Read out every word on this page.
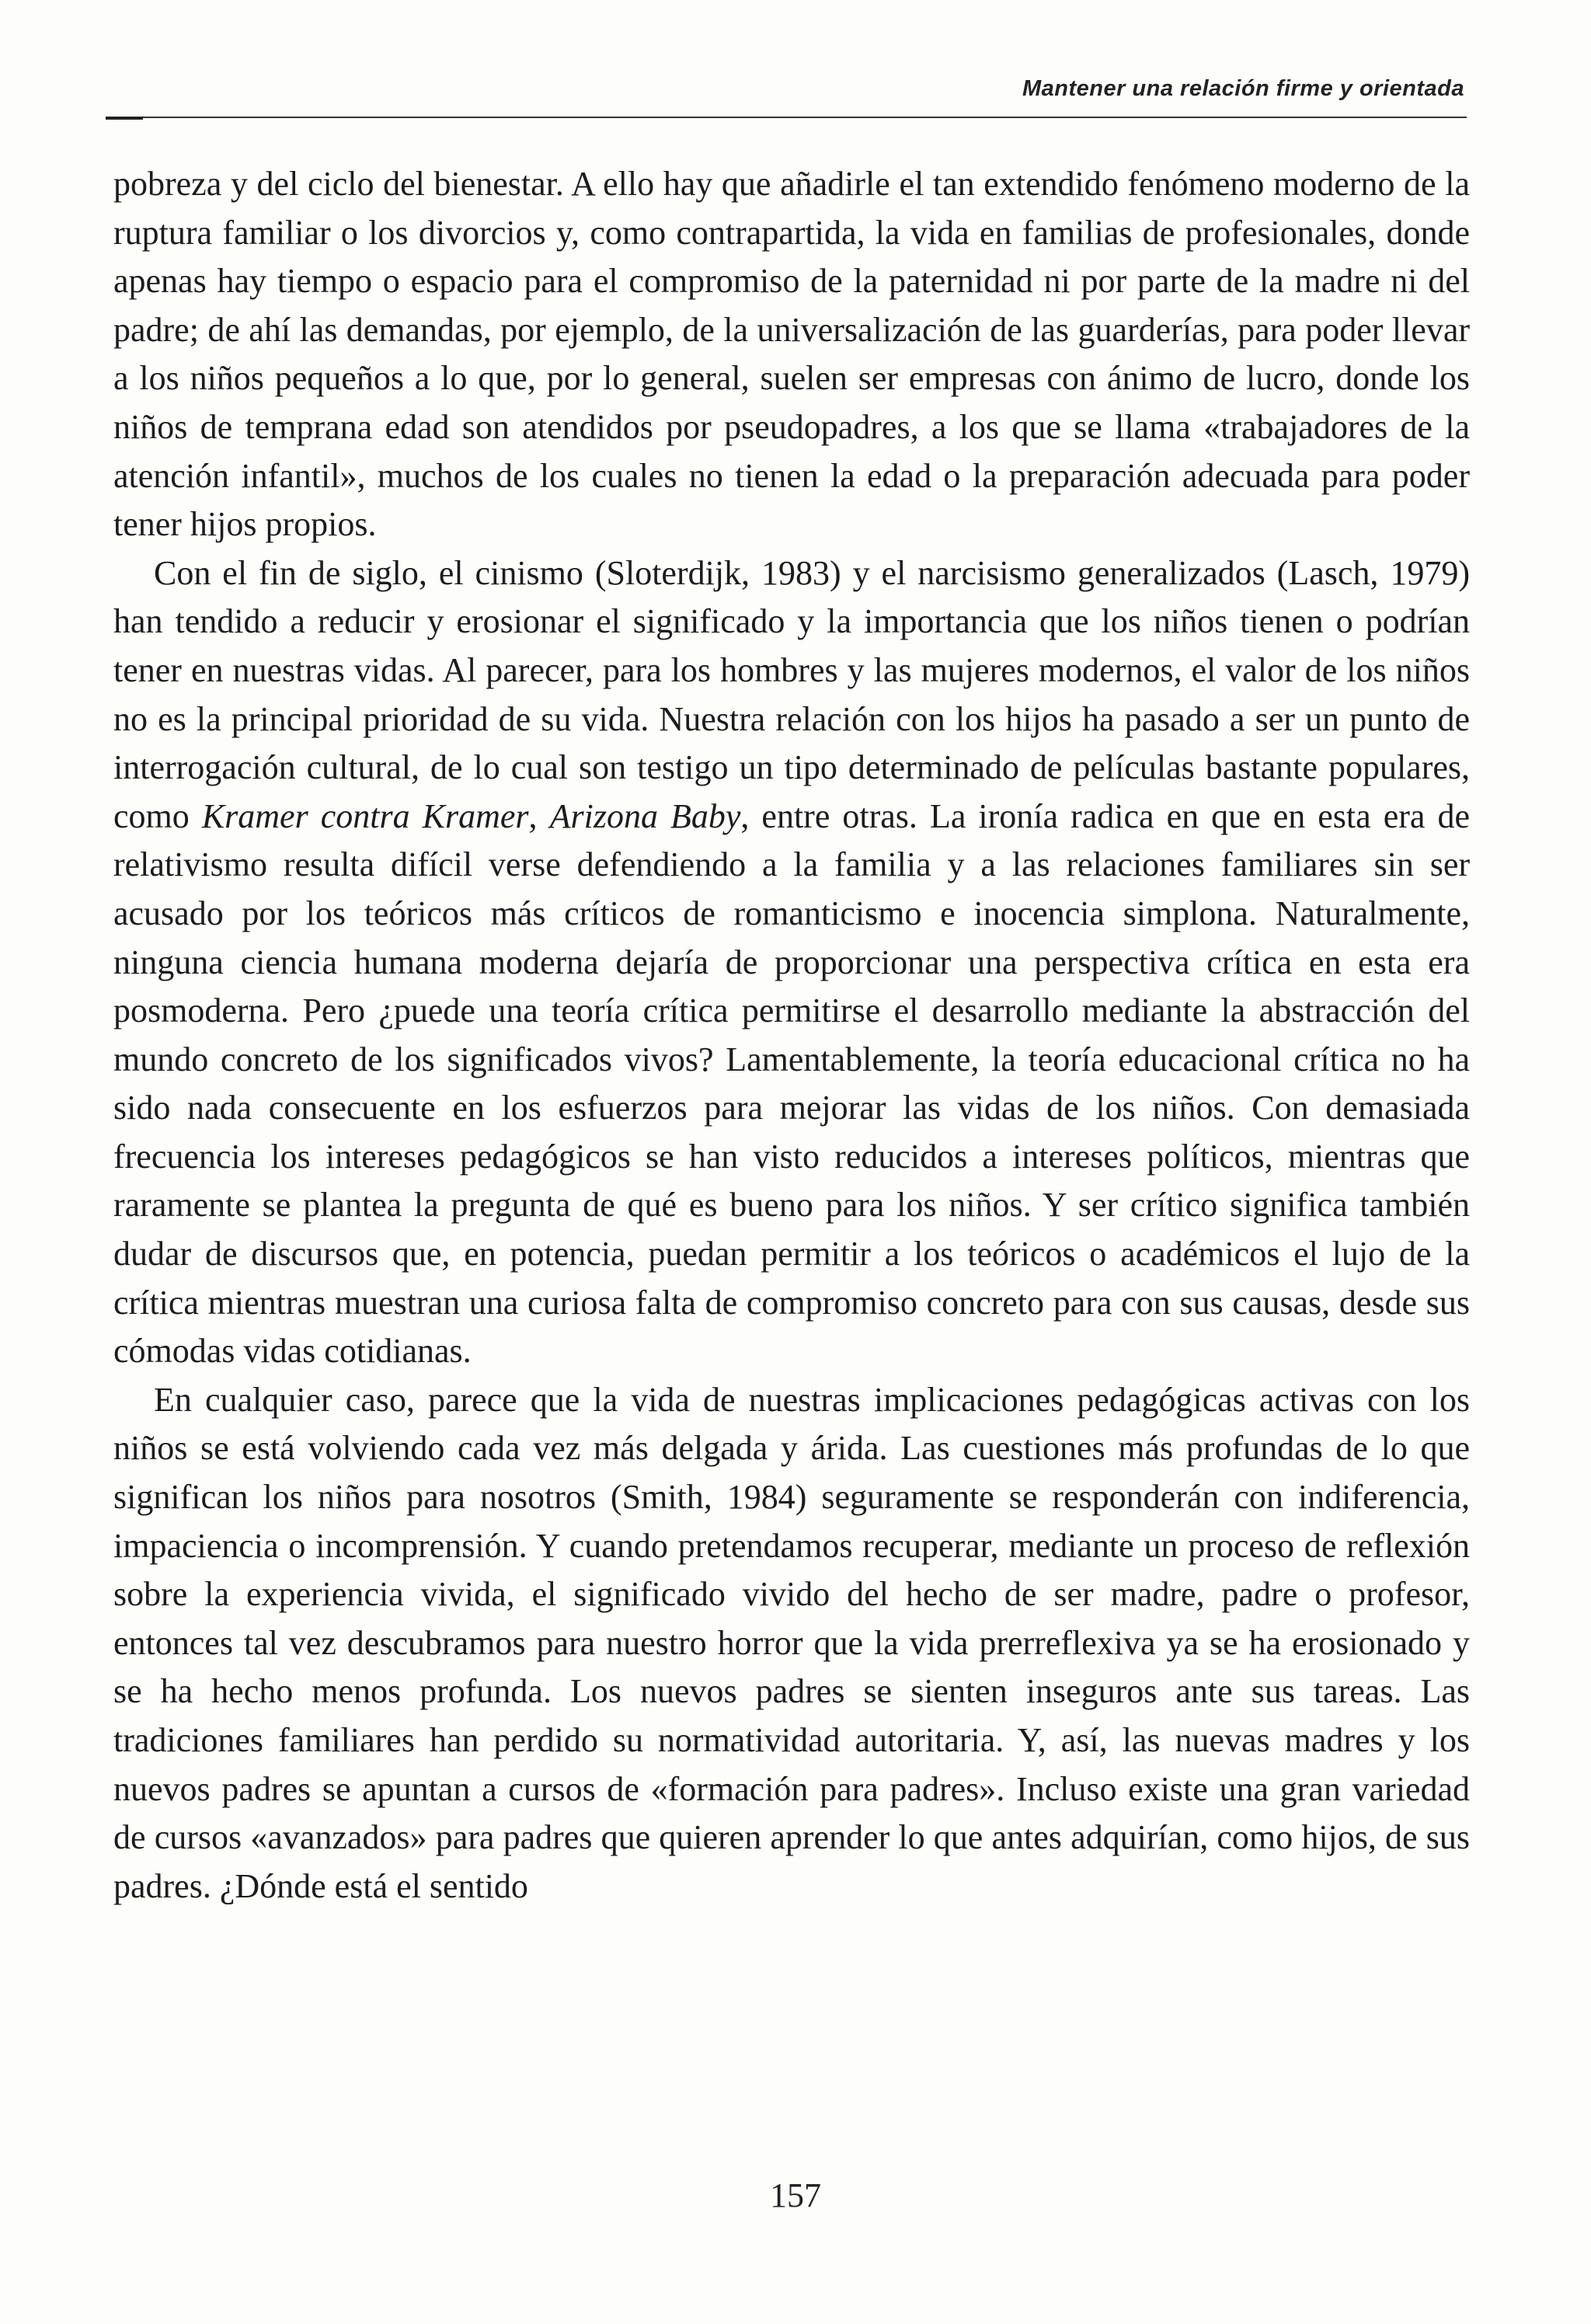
Mantener una relación firme y orientada

pobreza y del ciclo del bienestar. A ello hay que añadirle el tan extendido fenómeno moderno de la ruptura familiar o los divorcios y, como contrapartida, la vida en familias de profesionales, donde apenas hay tiempo o espacio para el compromiso de la paternidad ni por parte de la madre ni del padre; de ahí las demandas, por ejemplo, de la universalización de las guarderías, para poder llevar a los niños pequeños a lo que, por lo general, suelen ser empresas con ánimo de lucro, donde los niños de temprana edad son atendidos por pseudopadres, a los que se llama «trabajadores de la atención infantil», muchos de los cuales no tienen la edad o la preparación adecuada para poder tener hijos propios.

Con el fin de siglo, el cinismo (Sloterdijk, 1983) y el narcisismo generalizados (Lasch, 1979) han tendido a reducir y erosionar el significado y la importancia que los niños tienen o podrían tener en nuestras vidas. Al parecer, para los hombres y las mujeres modernos, el valor de los niños no es la principal prioridad de su vida. Nuestra relación con los hijos ha pasado a ser un punto de interrogación cultural, de lo cual son testigo un tipo determinado de películas bastante populares, como Kramer contra Kramer, Arizona Baby, entre otras. La ironía radica en que en esta era de relativismo resulta difícil verse defendiendo a la familia y a las relaciones familiares sin ser acusado por los teóricos más críticos de romanticismo e inocencia simplona. Naturalmente, ninguna ciencia humana moderna dejaría de proporcionar una perspectiva crítica en esta era posmoderna. Pero ¿puede una teoría crítica permitirse el desarrollo mediante la abstracción del mundo concreto de los significados vivos? Lamentablemente, la teoría educacional crítica no ha sido nada consecuente en los esfuerzos para mejorar las vidas de los niños. Con demasiada frecuencia los intereses pedagógicos se han visto reducidos a intereses políticos, mientras que raramente se plantea la pregunta de qué es bueno para los niños. Y ser crítico significa también dudar de discursos que, en potencia, puedan permitir a los teóricos o académicos el lujo de la crítica mientras muestran una curiosa falta de compromiso concreto para con sus causas, desde sus cómodas vidas cotidianas.

En cualquier caso, parece que la vida de nuestras implicaciones pedagógicas activas con los niños se está volviendo cada vez más delgada y árida. Las cuestiones más profundas de lo que significan los niños para nosotros (Smith, 1984) seguramente se responderán con indiferencia, impaciencia o incomprensión. Y cuando pretendamos recuperar, mediante un proceso de reflexión sobre la experiencia vivida, el significado vivido del hecho de ser madre, padre o profesor, entonces tal vez descubramos para nuestro horror que la vida prerreflexiva ya se ha erosionado y se ha hecho menos profunda. Los nuevos padres se sienten inseguros ante sus tareas. Las tradiciones familiares han perdido su normatividad autoritaria. Y, así, las nuevas madres y los nuevos padres se apuntan a cursos de «formación para padres». Incluso existe una gran variedad de cursos «avanzados» para padres que quieren aprender lo que antes adquirían, como hijos, de sus padres. ¿Dónde está el sentido

157
